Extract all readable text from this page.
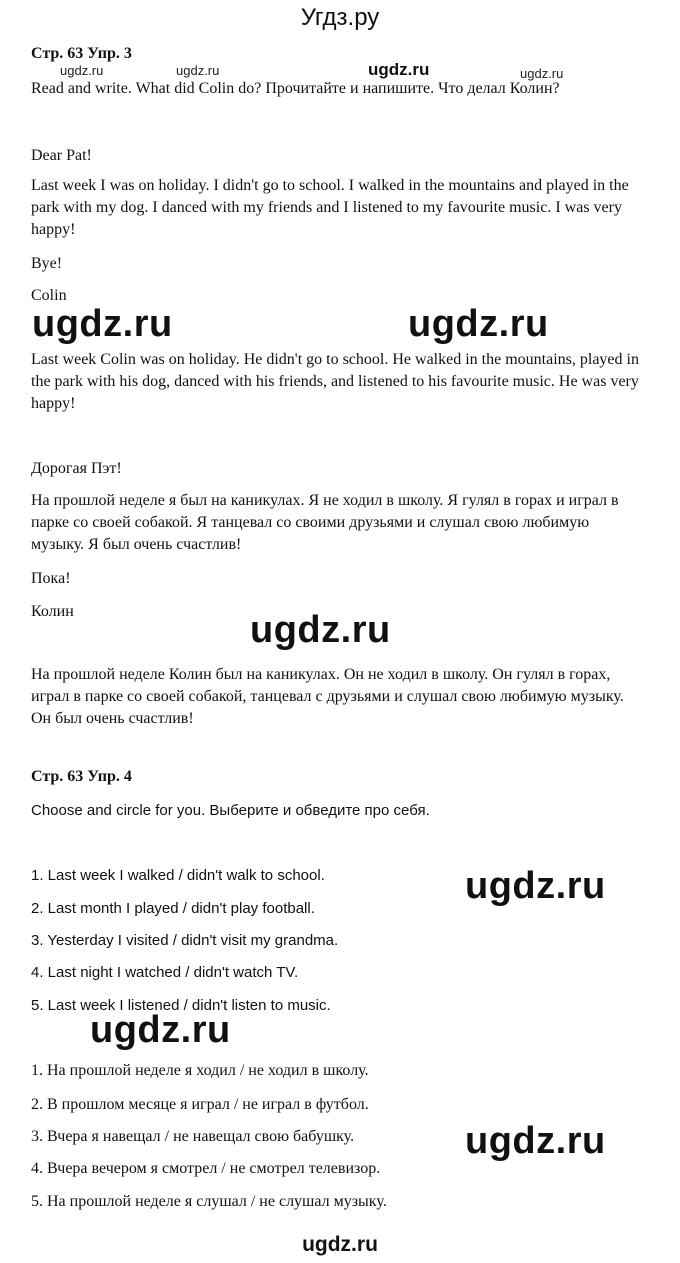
Угдз.ру
Стр. 63 Упр. 3
ugdz.ru	ugdz.ru	ugdz.ru	ugdz.ru
Read and write. What did Colin do? Прочитайте и напишите. Что делал Колин?
Dear Pat!
Last week I was on holiday. I didn't go to school. I walked in the mountains and played in the park with my dog. I danced with my friends and I listened to my favourite music. I was very happy!
Bye!
Colin
ugdz.ru	ugdz.ru
Last week Colin was on holiday. He didn't go to school. He walked in the mountains, played in the park with his dog, danced with his friends, and listened to his favourite music. He was very happy!
Дорогая Пэт!
На прошлой неделе я был на каникулах. Я не ходил в школу. Я гулял в горах и играл в парке со своей собакой. Я танцевал со своими друзьями и слушал свою любимую музыку. Я был очень счастлив!
Пока!
Колин	ugdz.ru
На прошлой неделе Колин был на каникулах. Он не ходил в школу. Он гулял в горах, играл в парке со своей собакой, танцевал с друзьями и слушал свою любимую музыку. Он был очень счастлив!
Стр. 63 Упр. 4
Choose and circle for you. Выберите и обведите про себя.
1. Last week I walked / didn't walk to school.
2. Last month I played / didn't play football.
3. Yesterday I visited / didn't visit my grandma.
4. Last night I watched / didn't watch TV.
5. Last week I listened / didn't listen to music.
ugdz.ru
ugdz.ru
1. На прошлой неделе я ходил / не ходил в школу.
2. В прошлом месяце я играл / не играл в футбол.
3. Вчера я навещал / не навещал свою бабушку.
4. Вчера вечером я смотрел / не смотрел телевизор.
5. На прошлой неделе я слушал / не слушал музыку.
ugdz.ru
ugdz.ru
